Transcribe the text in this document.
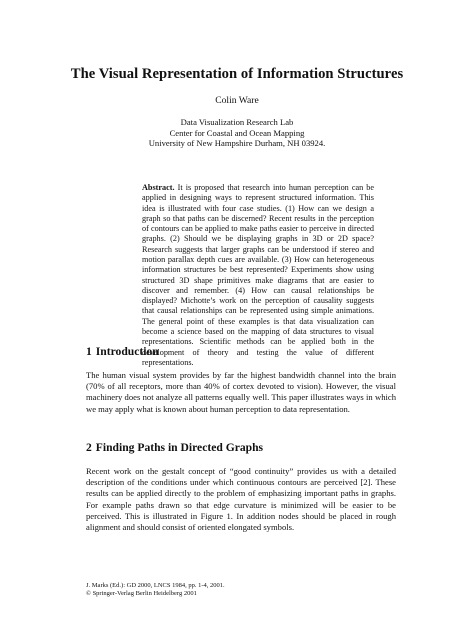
The Visual Representation of Information Structures
Colin Ware
Data Visualization Research Lab
Center for Coastal and Ocean Mapping
University of New Hampshire Durham, NH 03924.
Abstract. It is proposed that research into human perception can be applied in designing ways to represent structured information. This idea is illustrated with four case studies. (1) How can we design a graph so that paths can be discerned? Recent results in the perception of contours can be applied to make paths easier to perceive in directed graphs. (2) Should we be displaying graphs in 3D or 2D space? Research suggests that larger graphs can be understood if stereo and motion parallax depth cues are available. (3) How can heterogeneous information structures be best represented? Experiments show using structured 3D shape primitives make diagrams that are easier to discover and remember. (4) How can causal relationships be displayed? Michotte’s work on the perception of causality suggests that causal relationships can be represented using simple animations. The general point of these examples is that data visualization can become a science based on the mapping of data structures to visual representations. Scientific methods can be applied both in the development of theory and testing the value of different representations.
1 Introduction
The human visual system provides by far the highest bandwidth channel into the brain (70% of all receptors, more than 40% of cortex devoted to vision). However, the visual machinery does not analyze all patterns equally well. This paper illustrates ways in which we may apply what is known about human perception to data representation.
2 Finding Paths in Directed Graphs
Recent work on the gestalt concept of “good continuity” provides us with a detailed description of the conditions under which continuous contours are perceived [2]. These results can be applied directly to the problem of emphasizing important paths in graphs. For example paths drawn so that edge curvature is minimized will be easier to be perceived. This is illustrated in Figure 1. In addition nodes should be placed in rough alignment and should consist of oriented elongated symbols.
J. Marks (Ed.): GD 2000, LNCS 1984, pp. 1-4, 2001.
© Springer-Verlag Berlin Heidelberg 2001
